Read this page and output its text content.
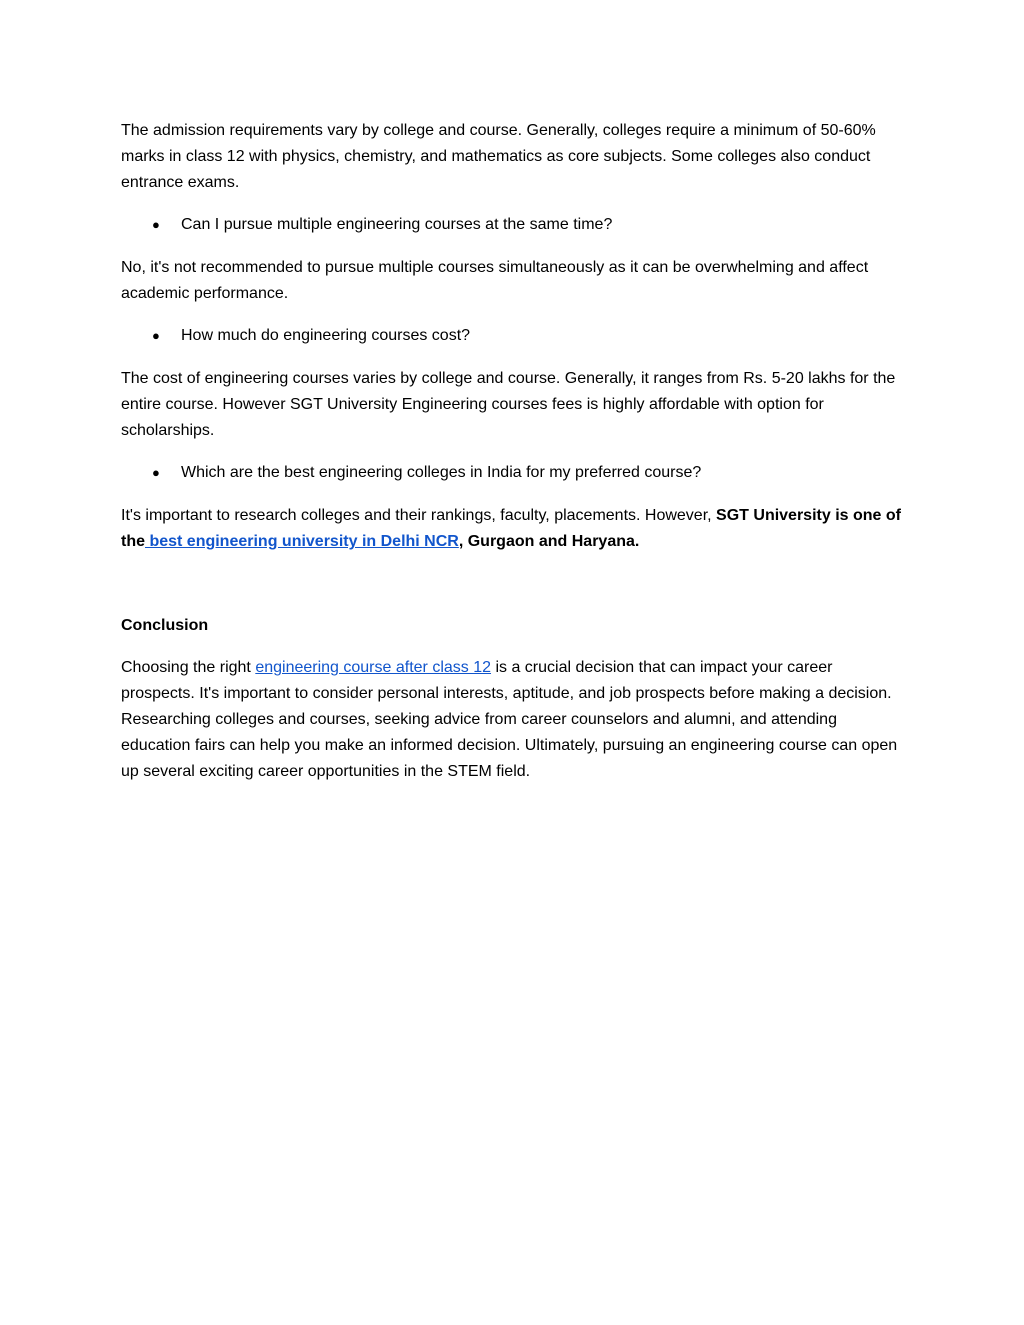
The admission requirements vary by college and course. Generally, colleges require a minimum of 50-60% marks in class 12 with physics, chemistry, and mathematics as core subjects. Some colleges also conduct entrance exams.

● Can I pursue multiple engineering courses at the same time?

No, it's not recommended to pursue multiple courses simultaneously as it can be overwhelming and affect academic performance.

● How much do engineering courses cost?

The cost of engineering courses varies by college and course. Generally, it ranges from Rs. 5-20 lakhs for the entire course. However SGT University Engineering courses fees is highly affordable with option for scholarships.

● Which are the best engineering colleges in India for my preferred course?

It's important to research colleges and their rankings, faculty, placements. However, SGT University is one of the best engineering university in Delhi NCR, Gurgaon and Haryana.

Conclusion

Choosing the right engineering course after class 12 is a crucial decision that can impact your career prospects. It's important to consider personal interests, aptitude, and job prospects before making a decision. Researching colleges and courses, seeking advice from career counselors and alumni, and attending education fairs can help you make an informed decision. Ultimately, pursuing an engineering course can open up several exciting career opportunities in the STEM field.
